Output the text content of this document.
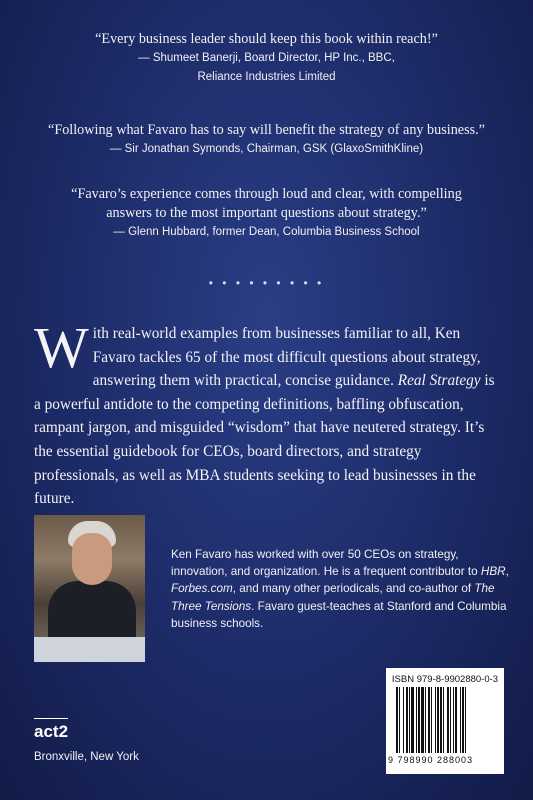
“Every business leader should keep this book within reach!”
— Shumeet Banerji, Board Director, HP Inc., BBC,
Reliance Industries Limited
“Following what Favaro has to say will benefit the strategy of any business.”
— Sir Jonathan Symonds, Chairman, GSK (GlaxoSmithKline)
“Favaro’s experience comes through loud and clear, with compelling
answers to the most important questions about strategy.”
— Glenn Hubbard, former Dean, Columbia Business School
• • • • • • • • •
With real-world examples from businesses familiar to all, Ken Favaro tackles 65 of the most difficult questions about strategy, answering them with practical, concise guidance. Real Strategy is a powerful antidote to the competing definitions, baffling obfuscation, rampant jargon, and misguided “wisdom” that have neutered strategy. It’s the essential guidebook for CEOs, board directors, and strategy professionals, as well as MBA students seeking to lead businesses in the future.
Ken Favaro has worked with over 50 CEOs on strategy, innovation, and organization. He is a frequent contributor to HBR, Forbes.com, and many other periodicals, and co-author of The Three Tensions. Favaro guest-teaches at Stanford and Columbia business schools.
ISBN 979-8-9902880-0-3
9 798990 288003
act2
Bronxville, New York
